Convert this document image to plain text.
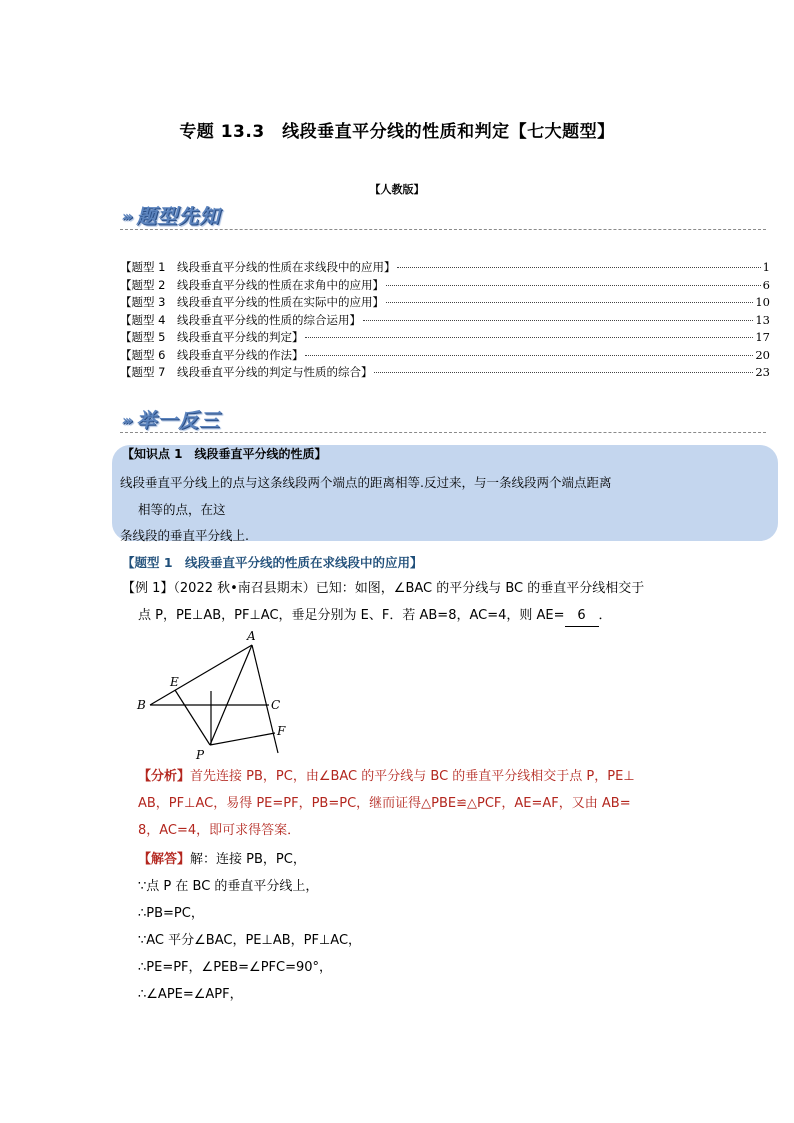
专题 13.3　线段垂直平分线的性质和判定【七大题型】
【人教版】
››› 题型先知
【题型 1　线段垂直平分线的性质在求线段中的应用】	1
【题型 2　线段垂直平分线的性质在求角中的应用】	6
【题型 3　线段垂直平分线的性质在实际中的应用】	10
【题型 4　线段垂直平分线的性质的综合运用】	13
【题型 5　线段垂直平分线的判定】	17
【题型 6　线段垂直平分线的作法】	20
【题型 7　线段垂直平分线的判定与性质的综合】	23
››› 举一反三
【知识点 1　线段垂直平分线的性质】
线段垂直平分线上的点与这条线段两个端点的距离相等.反过来，与一条线段两个端点距离
相等的点，在这
条线段的垂直平分线上.
【题型 1　线段垂直平分线的性质在求线段中的应用】
【例 1】（2022 秋•南召县期末）已知：如图，∠BAC 的平分线与 BC 的垂直平分线相交于
点 P，PE⊥AB，PF⊥AC，垂足分别为 E、F．若 AB=8，AC=4，则 AE= 6 ．
A
B	C
E
F
P
【分析】首先连接 PB，PC，由∠BAC 的平分线与 BC 的垂直平分线相交于点 P，PE⊥
AB，PF⊥AC，易得 PE=PF，PB=PC，继而证得△PBE≌△PCF，AE=AF，又由 AB=
8，AC=4，即可求得答案．
【解答】解：连接 PB，PC，
∵点 P 在 BC 的垂直平分线上，
∴PB=PC，
∵AC 平分∠BAC，PE⊥AB，PF⊥AC，
∴PE=PF，∠PEB=∠PFC=90°，
∴∠APE=∠APF，
